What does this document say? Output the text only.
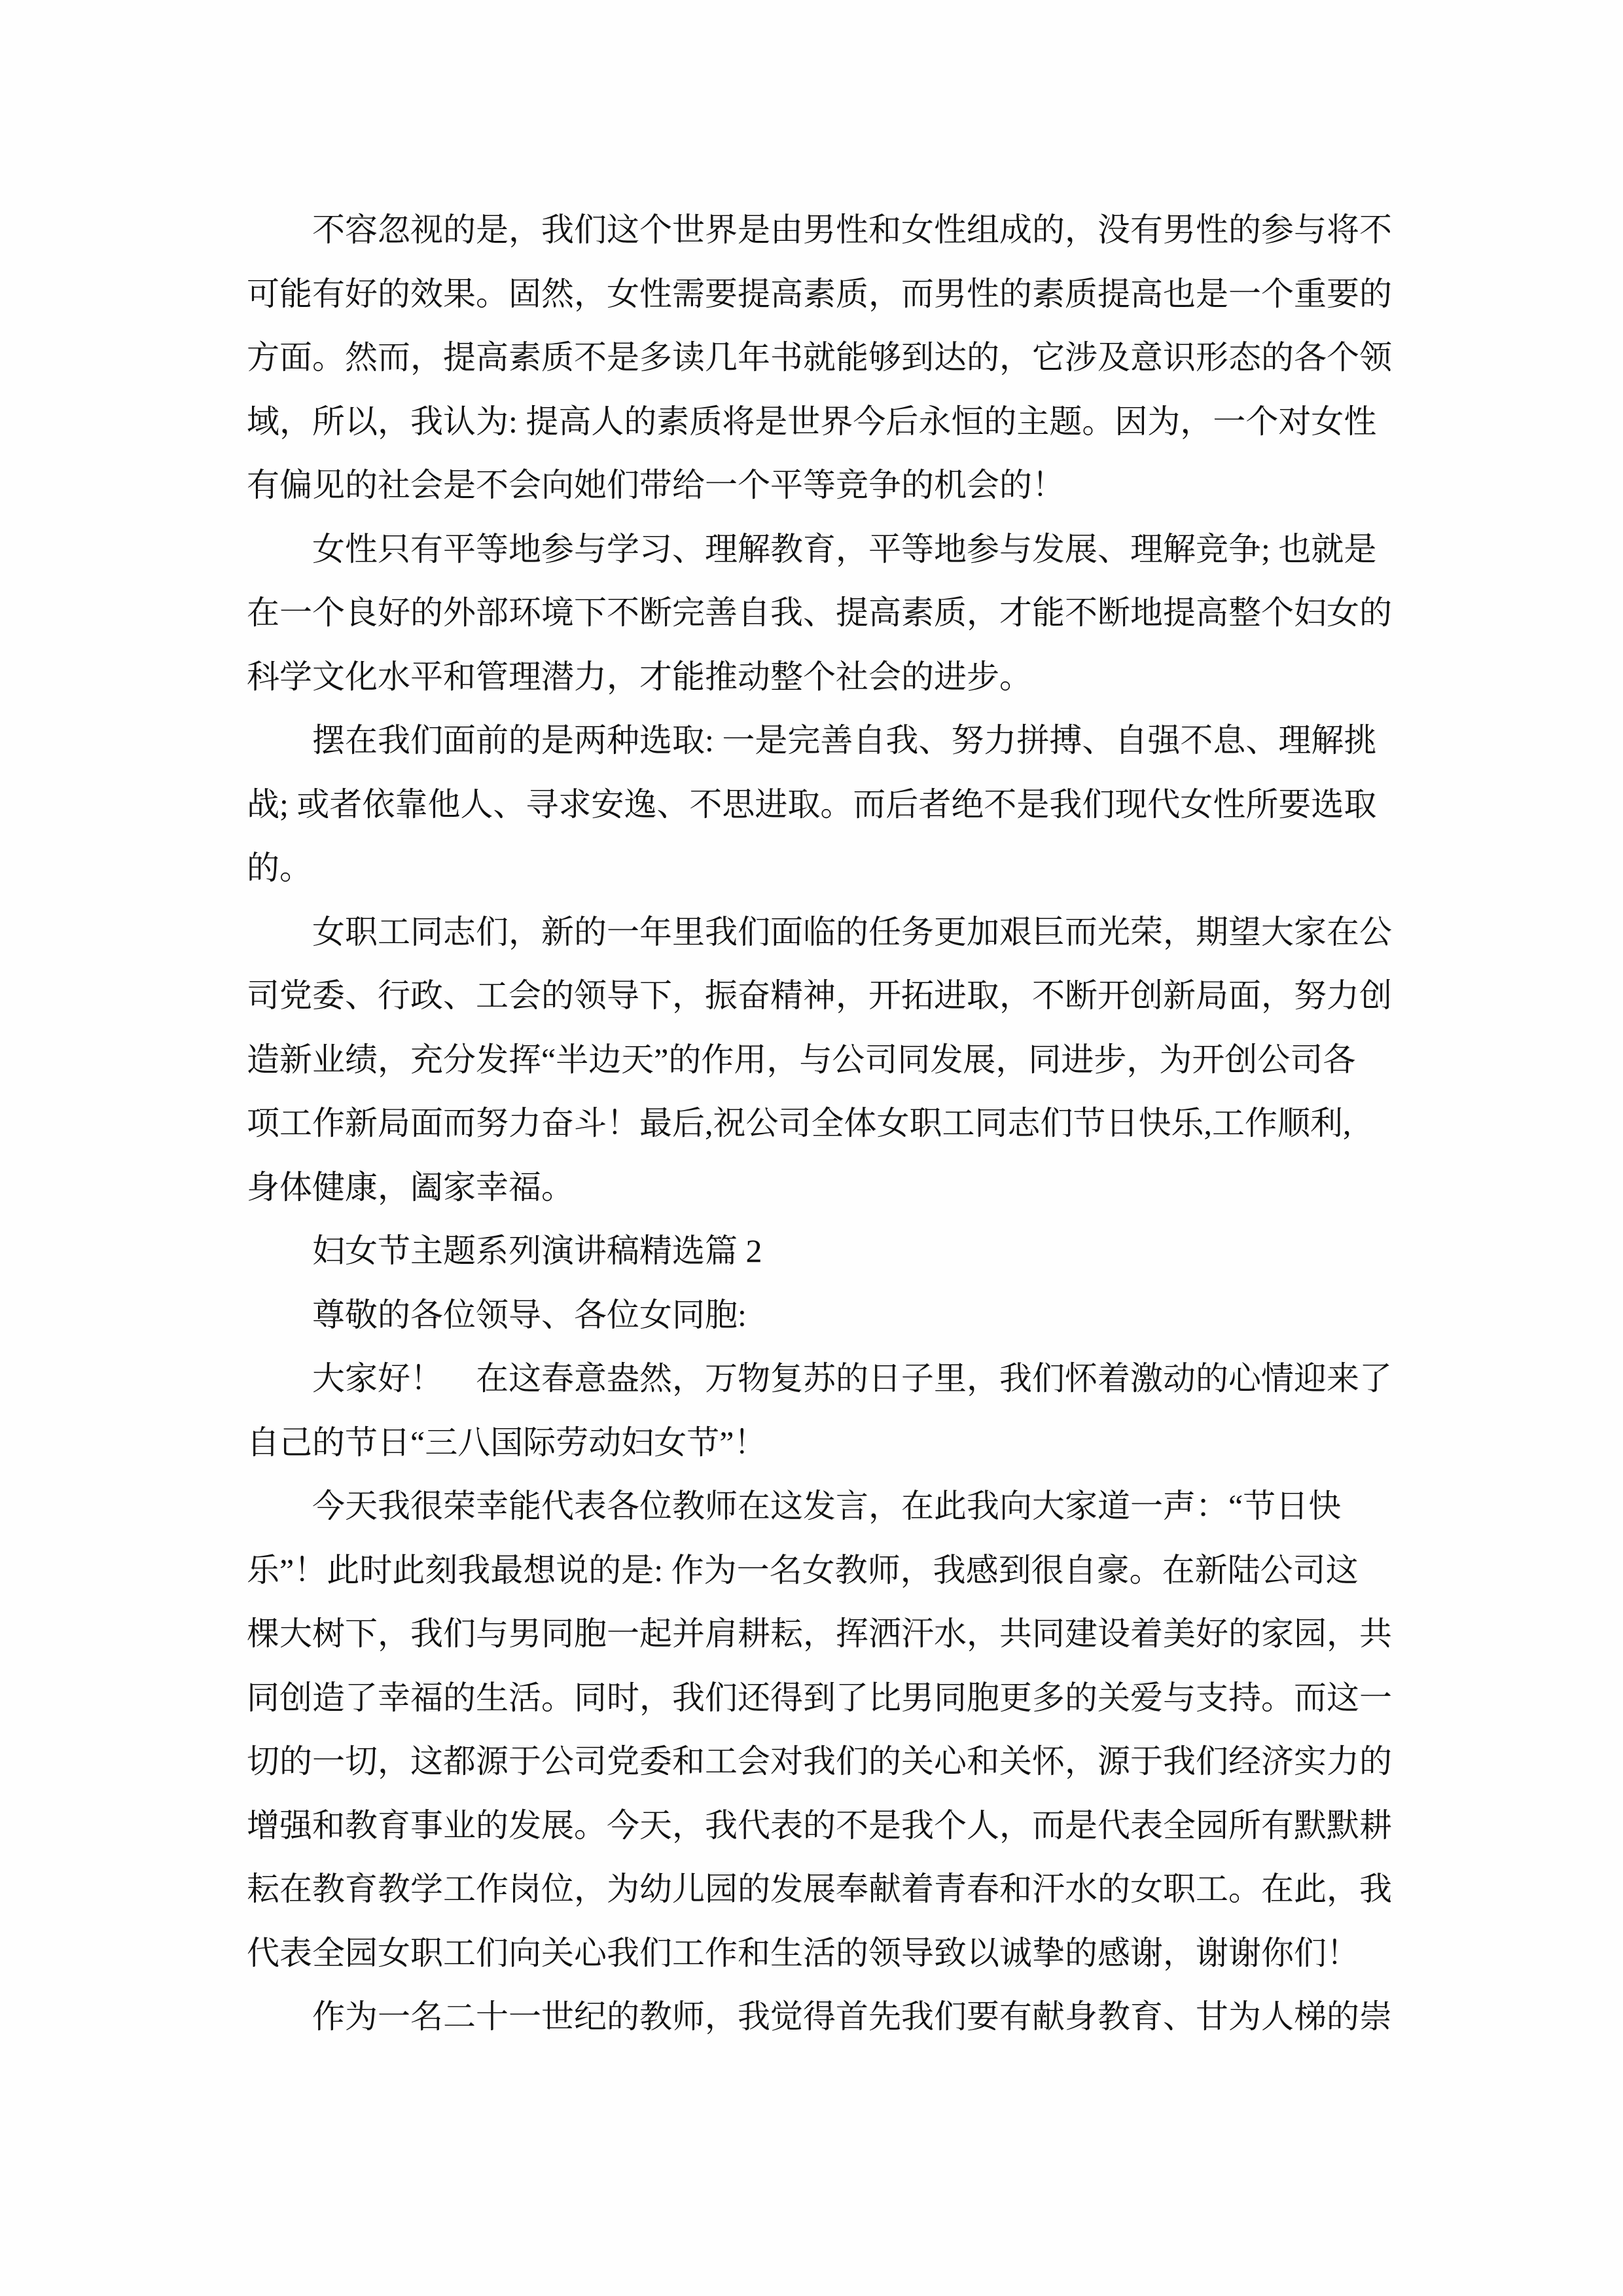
不容忽视的是，我们这个世界是由男性和女性组成的，没有男性的参与将不
可能有好的效果。固然，女性需要提高素质，而男性的素质提高也是一个重要的
方面。然而，提高素质不是多读几年书就能够到达的，它涉及意识形态的各个领
域，所以，我认为: 提高人的素质将是世界今后永恒的主题。因为，一个对女性
有偏见的社会是不会向她们带给一个平等竞争的机会的！
女性只有平等地参与学习、理解教育，平等地参与发展、理解竞争; 也就是
在一个良好的外部环境下不断完善自我、提高素质，才能不断地提高整个妇女的
科学文化水平和管理潜力，才能推动整个社会的进步。
摆在我们面前的是两种选取: 一是完善自我、努力拼搏、自强不息、理解挑
战; 或者依靠他人、寻求安逸、不思进取。而后者绝不是我们现代女性所要选取
的。
女职工同志们，新的一年里我们面临的任务更加艰巨而光荣，期望大家在公
司党委、行政、工会的领导下，振奋精神，开拓进取，不断开创新局面，努力创
造新业绩，充分发挥“半边天”的作用，与公司同发展，同进步，为开创公司各
项工作新局面而努力奋斗！最后,祝公司全体女职工同志们节日快乐,工作顺利,
身体健康，阖家幸福。
妇女节主题系列演讲稿精选篇 2
尊敬的各位领导、各位女同胞:
大家好！　在这春意盎然，万物复苏的日子里，我们怀着激动的心情迎来了
自己的节日“三八国际劳动妇女节”！
今天我很荣幸能代表各位教师在这发言，在此我向大家道一声：“节日快
乐”！此时此刻我最想说的是: 作为一名女教师，我感到很自豪。在新陆公司这
棵大树下，我们与男同胞一起并肩耕耘，挥洒汗水，共同建设着美好的家园，共
同创造了幸福的生活。同时，我们还得到了比男同胞更多的关爱与支持。而这一
切的一切，这都源于公司党委和工会对我们的关心和关怀，源于我们经济实力的
增强和教育事业的发展。今天，我代表的不是我个人，而是代表全园所有默默耕
耘在教育教学工作岗位，为幼儿园的发展奉献着青春和汗水的女职工。在此，我
代表全园女职工们向关心我们工作和生活的领导致以诚挚的感谢，谢谢你们！
作为一名二十一世纪的教师，我觉得首先我们要有献身教育、甘为人梯的崇
